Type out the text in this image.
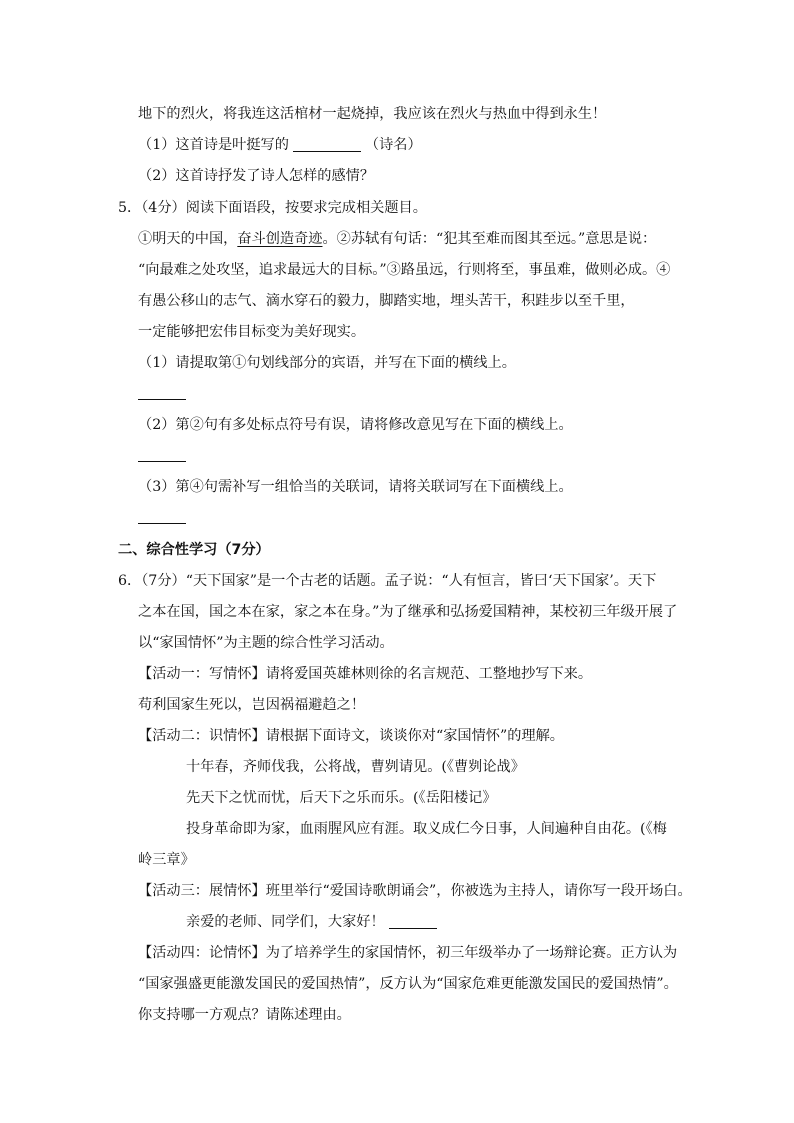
地下的烈火，将我连这活棺材一起烧掉，我应该在烈火与热血中得到永生！
（1）这首诗是叶挺写的	（诗名）
（2）这首诗抒发了诗人怎样的感情？
5．（4分）阅读下面语段，按要求完成相关题目。
①明天的中国，奋斗创造奇迹。②苏轼有句话：“犯其至难而图其至远。”意思是说：
“向最难之处攻坚，追求最远大的目标。”③路虽远，行则将至，事虽难，做则必成。④
有愚公移山的志气、滴水穿石的毅力，脚踏实地，埋头苦干，积跬步以至千里，
一定能够把宏伟目标变为美好现实。
（1）请提取第①句划线部分的宾语，并写在下面的横线上。
（2）第②句有多处标点符号有误，请将修改意见写在下面的横线上。
（3）第④句需补写一组恰当的关联词，请将关联词写在下面横线上。
二、综合性学习（7分）
6．（7分）“天下国家”是一个古老的话题。孟子说：“人有恒言，皆曰‘天下国家’。天下
之本在国，国之本在家，家之本在身。”为了继承和弘扬爱国精神，某校初三年级开展了
以“家国情怀”为主题的综合性学习活动。
【活动一：写情怀】请将爱国英雄林则徐的名言规范、工整地抄写下来。
苟利国家生死以，岂因祸福避趋之！
【活动二：识情怀】请根据下面诗文，谈谈你对“家国情怀”的理解。
十年春，齐师伐我，公将战，曹刿请见。(《曹刿论战》
先天下之忧而忧，后天下之乐而乐。(《岳阳楼记》
投身革命即为家，血雨腥风应有涯。取义成仁今日事，人间遍种自由花。(《梅
岭三章》
【活动三：展情怀】班里举行“爱国诗歌朗诵会”，你被选为主持人，请你写一段开场白。
亲爱的老师、同学们，大家好！
【活动四：论情怀】为了培养学生的家国情怀，初三年级举办了一场辩论赛。正方认为
“国家强盛更能激发国民的爱国热情”，反方认为“国家危难更能激发国民的爱国热情”。
你支持哪一方观点？请陈述理由。
